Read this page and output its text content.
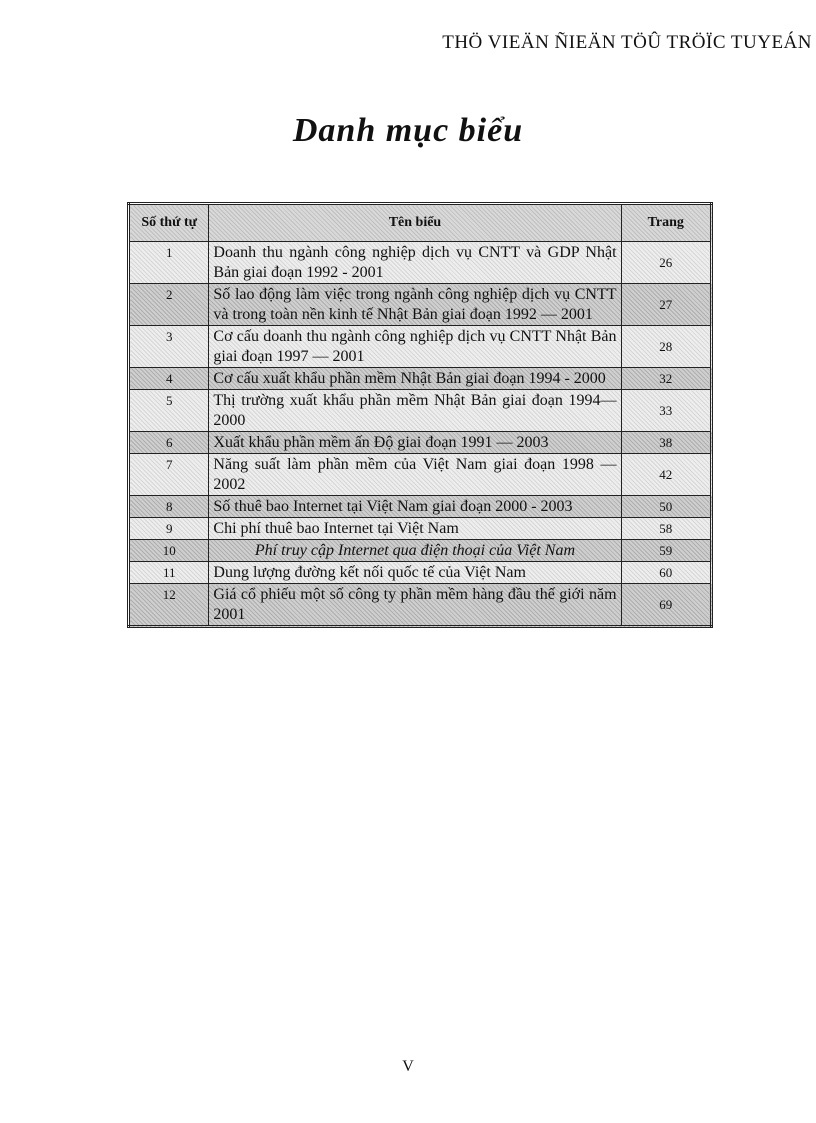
THÖ VIEÄN ÑIEÄN TÖÛ TRÖÏC TUYEÁN
Danh mục biểu
Số thứ tự	Tên biểu	Trang
1	Doanh thu ngành công nghiệp dịch vụ CNTT và GDP Nhật Bản giai đoạn 1992 - 2001	26
2	Số lao động làm việc trong ngành công nghiệp dịch vụ CNTT và trong toàn nền kinh tế Nhật Bản giai đoạn 1992 — 2001	27
3	Cơ cấu doanh thu ngành công nghiệp dịch vụ CNTT Nhật Bản giai đoạn 1997 — 2001	28
4	Cơ cấu xuất khẩu phần mềm Nhật Bản giai đoạn 1994 - 2000	32
5	Thị trường xuất khẩu phần mềm Nhật Bản giai đoạn 1994—2000	33
6	Xuất khẩu phần mềm ấn Độ giai đoạn 1991 — 2003	38
7	Năng suất làm phần mềm của Việt Nam giai đoạn 1998 — 2002	42
8	Số thuê bao Internet tại Việt Nam giai đoạn 2000 - 2003	50
9	Chi phí thuê bao Internet tại Việt Nam	58
10	Phí truy cập Internet qua điện thoại của Việt Nam	59
11	Dung lượng đường kết nối quốc tế của Việt Nam	60
12	Giá cổ phiếu một số công ty phần mềm hàng đầu thế giới năm 2001	69
V
